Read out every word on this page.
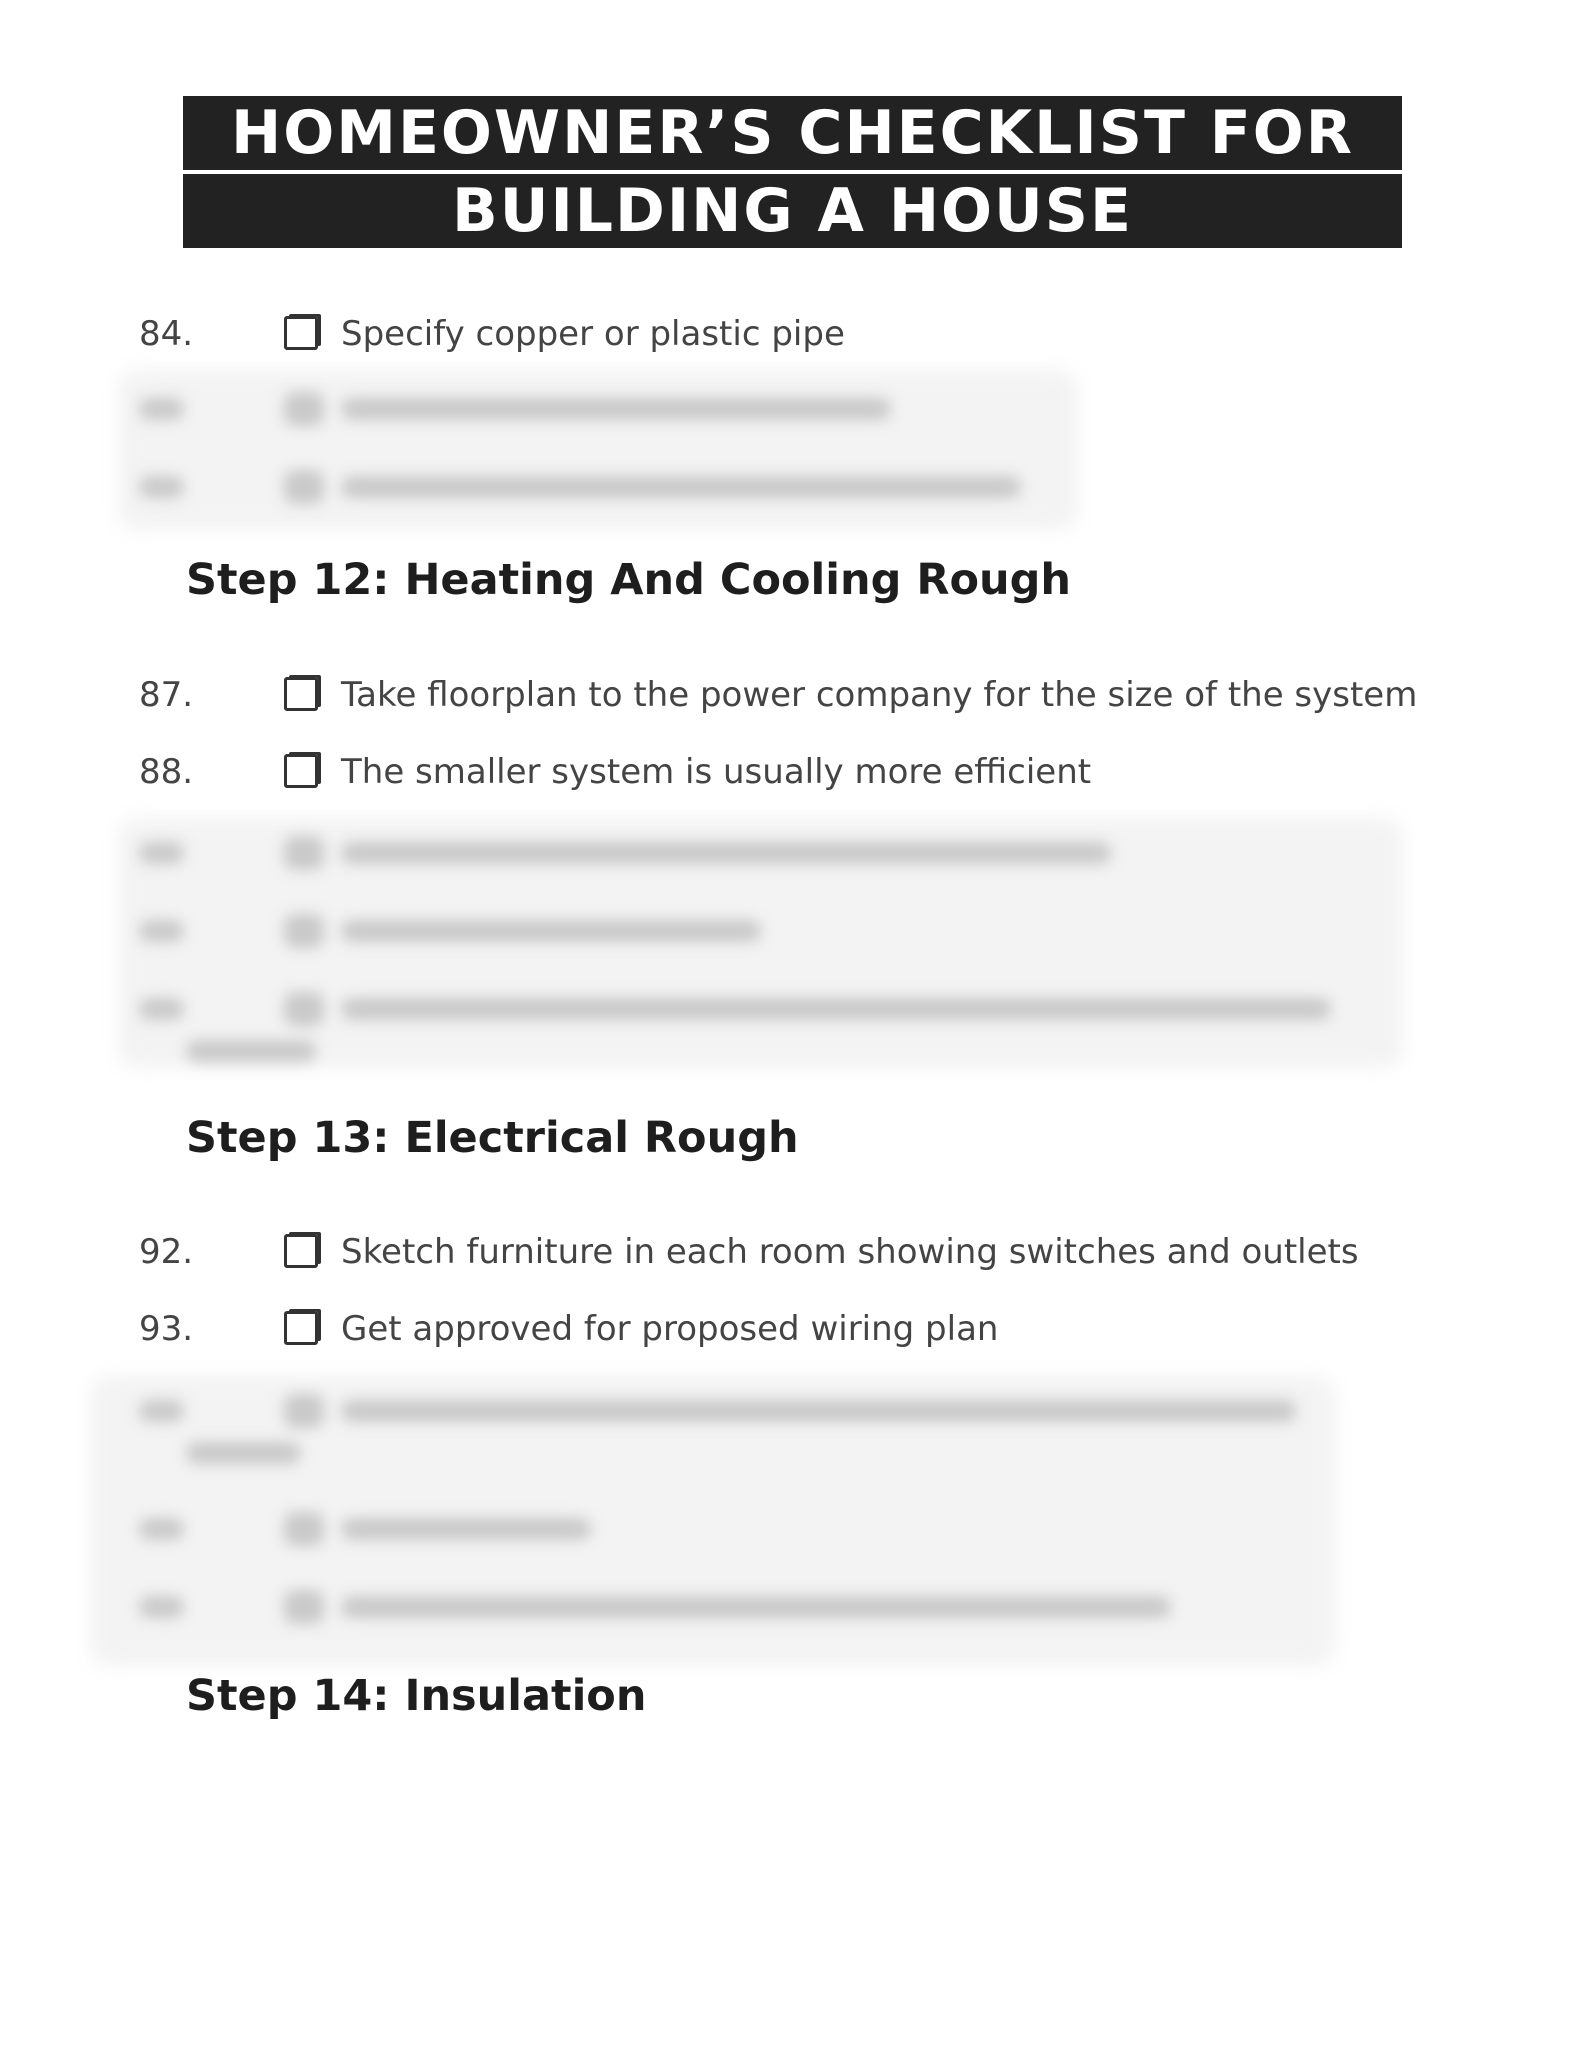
HOMEOWNER’S CHECKLIST FOR
BUILDING A HOUSE
84.	Specify copper or plastic pipe
Step 12: Heating And Cooling Rough
87.	Take floorplan to the power company for the size of the system
88.	The smaller system is usually more efficient
Step 13: Electrical Rough
92.	Sketch furniture in each room showing switches and outlets
93.	Get approved for proposed wiring plan
Step 14: Insulation
